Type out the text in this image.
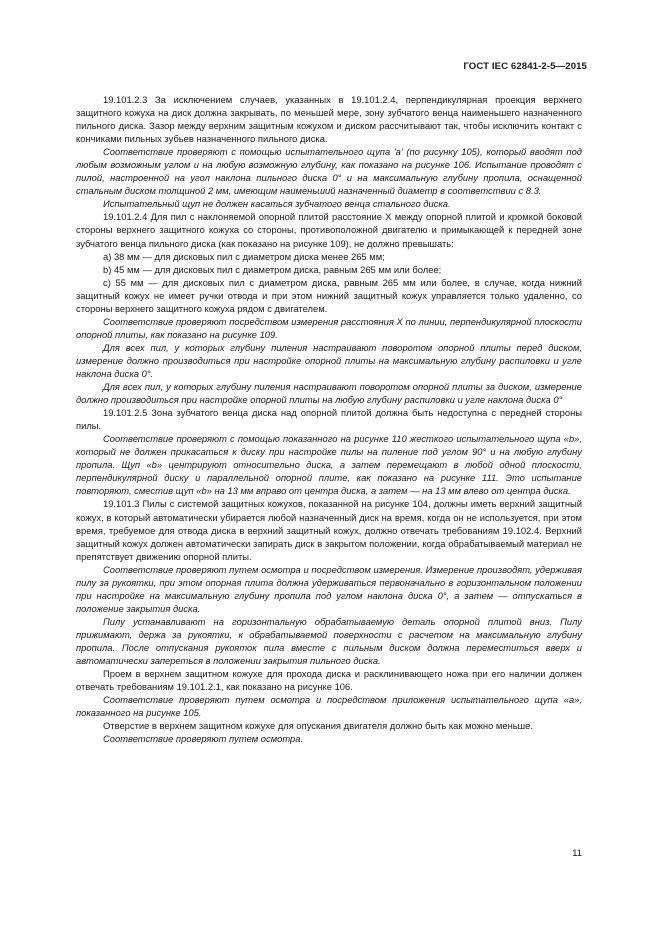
ГОСТ IEC 62841-2-5—2015

19.101.2.3 За исключением случаев, указанных в 19.101.2.4, перпендикулярная проекция верхнего защитного кожуха на диск должна закрывать, по меньшей мере, зону зубчатого венца наименьшего назначенного пильного диска. Зазор между верхним защитным кожухом и диском рассчитывают так, чтобы исключить контакт с кончиками пильных зубьев назначенного пильного диска.

Соответствие проверяют с помощью испытательного щупа 'a' (по рисунку 105), который вводят под любым возможным углом и на любую возможную глубину, как показано на рисунке 106. Испытание проводят с пилой, настроенной на угол наклона пильного диска 0° и на максимальную глубину пропила, оснащенной стальным диском толщиной 2 мм, имеющим наименьший назначенный диаметр в соответствии с 8.3.

Испытательный щуп не должен касаться зубчатого венца стального диска.

19.101.2.4 Для пил с наклоняемой опорной плитой расстояние X между опорной плитой и кромкой боковой стороны верхнего защитного кожуха со стороны, противоположной двигателю и примыкающей к передней зоне зубчатого венца пильного диска (как показано на рисунке 109), не должно превышать:

a) 38 мм — для дисковых пил с диаметром диска менее 265 мм;

b) 45 мм — для дисковых пил с диаметром диска, равным 265 мм или более;

c) 55 мм — для дисковых пил с диаметром диска, равным 265 мм или более, в случае, когда нижний защитный кожух не имеет ручки отвода и при этом нижний защитный кожух управляется только удаленно, со стороны верхнего защитного кожуха рядом с двигателем.

Соответствие проверяют посредством измерения расстояния X по линии, перпендикулярной плоскости опорной плиты, как показано на рисунке 109.

Для всех пил, у которых глубину пиления настраивают поворотом опорной плиты перед диском, измерение должно производиться при настройке опорной плиты на максимальную глубину распиловки и угле наклона диска 0°.

Для всех пил, у которых глубину пиления настраивают поворотом опорной плиты за диском, измерение должно производиться при настройке опорной плиты на любую глубину распиловки и угле наклона диска 0°

19.101.2.5 Зона зубчатого венца диска над опорной плитой должна быть недоступна с передней стороны пилы.

Соответствие проверяют с помощью показанного на рисунке 110 жесткого испытательного щупа «b», который не должен прикасаться к диску при настройке пилы на пиление под углом 90° и на любую глубину пропила. Щуп «b» центрируют относительно диска, а затем перемещают в любой одной плоскости, перпендикулярной диску и параллельной опорной плите, как показано на рисунке 111. Это испытание повторяют, сместив щуп «b» на 13 мм вправо от центра диска, а затем — на 13 мм влево от центра диска.

19.101.3 Пилы с системой защитных кожухов, показанной на рисунке 104, должны иметь верхний защитный кожух, в который автоматически убирается любой назначенный диск на время, когда он не используется, при этом время, требуемое для отвода диска в верхний защитный кожух, должно отвечать требованиям 19.102.4. Верхний защитный кожух должен автоматически запирать диск в закрытом положении, когда обрабатываемый материал не препятствует движению опорной плиты.

Соответствие проверяют путем осмотра и посредством измерения. Измерение производят, удерживая пилу за рукоятки, при этом опорная плита должна удерживаться первоначально в горизонтальном положении при настройке на максимальную глубину пропила под углом наклона диска 0°, а затем — отпускаться в положение закрытия диска.

Пилу устанавливают на горизонтальную обрабатываемую деталь опорной плитой вниз. Пилу прижимают, держа за рукоятки, к обрабатываемой поверхности с расчетом на максимальную глубину пропила. После отпускания рукояток пила вместе с пильным диском должна переместиться вверх и автоматически запереться в положении закрытия пильного диска.

Проем в верхнем защитном кожухе для прохода диска и расклинивающего ножа при его наличии должен отвечать требованиям 19.101.2.1, как показано на рисунке 106.

Соответствие проверяют путем осмотра и посредством приложения испытательного щупа «a», показанного на рисунке 105.

Отверстие в верхнем защитном кожухе для опускания двигателя должно быть как можно меньше.

Соответствие проверяют путем осмотра.

11
